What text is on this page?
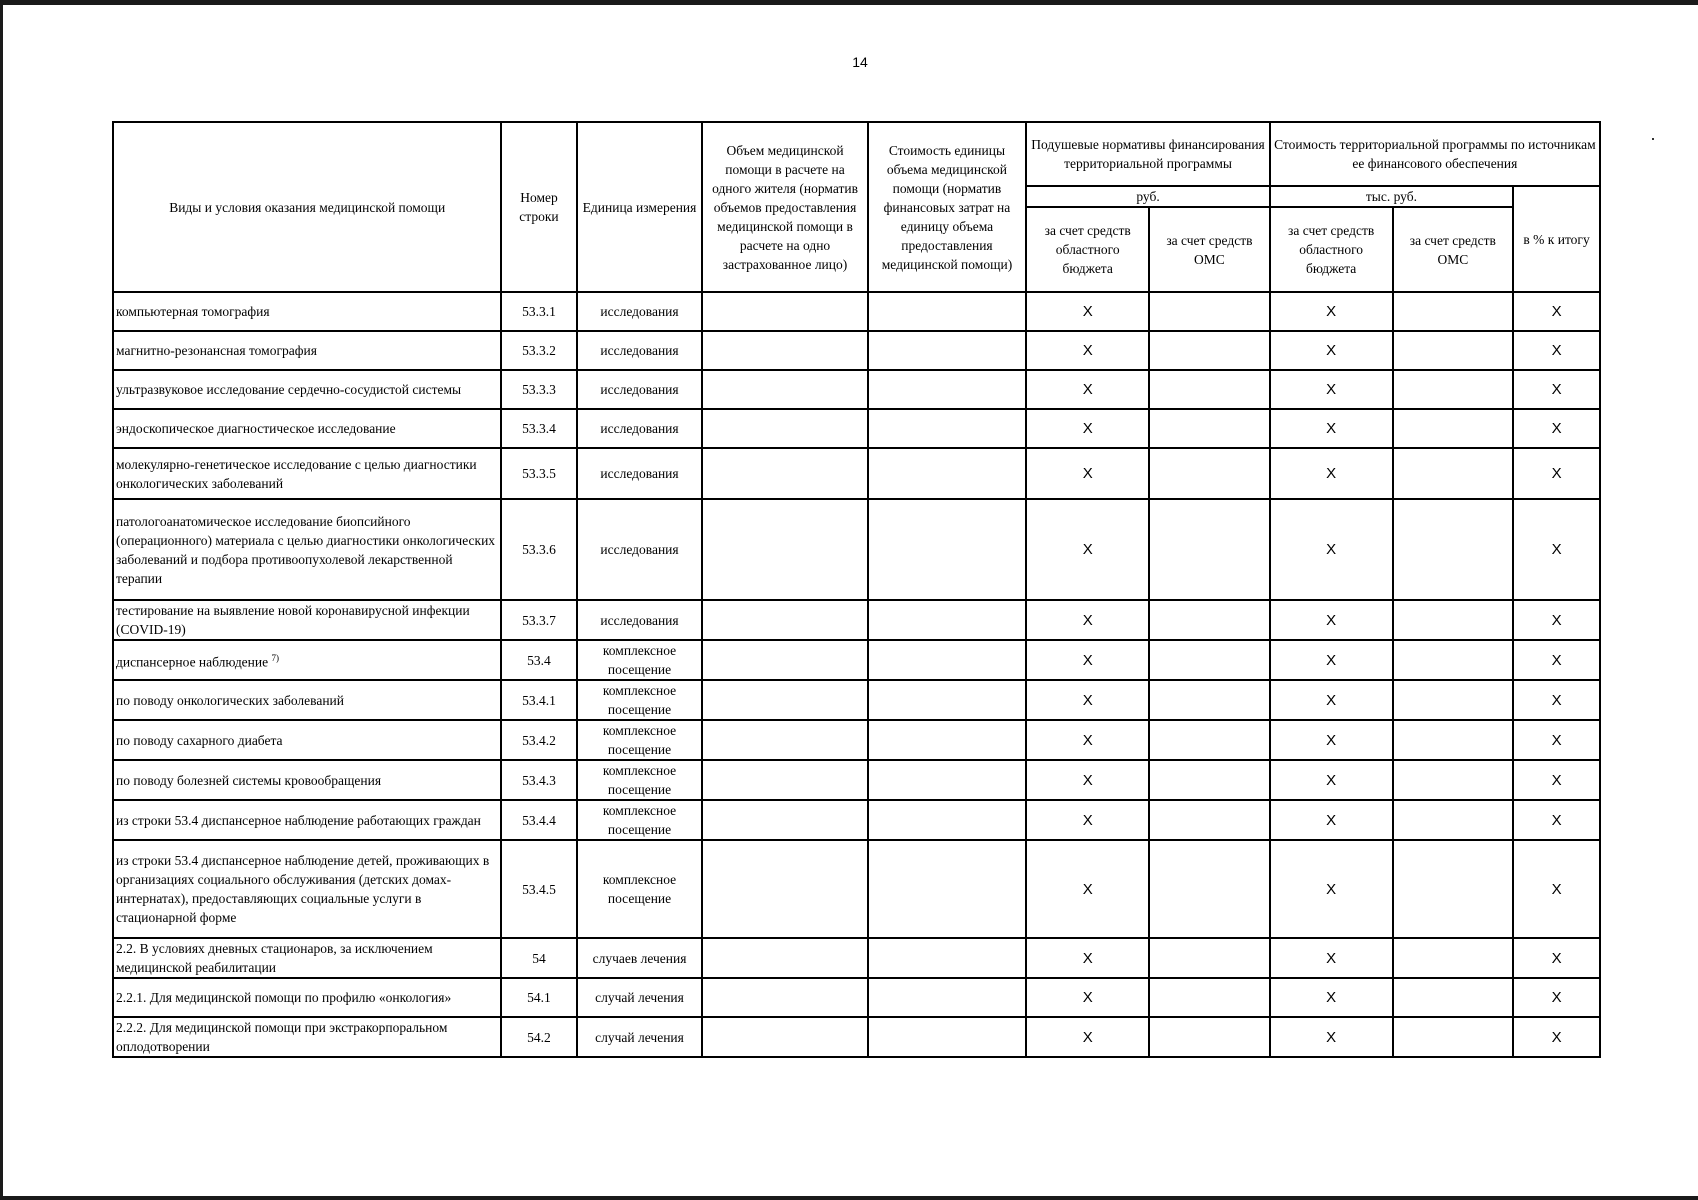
14
Виды и условия оказания медицинской помощи	Номер строки	Единица измерения	Объем медицинской помощи в расчете на одного жителя (норматив объемов предоставления медицинской помощи в расчете на одно застрахованное лицо)	Стоимость единицы объема медицинской помощи (норматив финансовых затрат на единицу объема предоставления медицинской помощи)	Подушевые нормативы финансирования территориальной программы		Стоимость территориальной программы по источникам ее финансового обеспечения		
					руб.		тыс. руб.		в % к итогу
					за счет средств областного бюджета	за счет средств ОМС	за счет средств областного бюджета	за счет средств ОМС	
компьютерная томография	53.3.1	исследования			X		X		X
магнитно-резонансная томография	53.3.2	исследования			X		X		X
ультразвуковое исследование сердечно-сосудистой системы	53.3.3	исследования			X		X		X
эндоскопическое диагностическое исследование	53.3.4	исследования			X		X		X
молекулярно-генетическое исследование с целью диагностики онкологических заболеваний	53.3.5	исследования			X		X		X
патологоанатомическое исследование биопсийного (операционного) материала с целью диагностики онкологических заболеваний и подбора противоопухолевой лекарственной терапии	53.3.6	исследования			X		X		X
тестирование на выявление новой коронавирусной инфекции (COVID-19)	53.3.7	исследования			X		X		X
диспансерное наблюдение $^{7)}$	53.4	комплексное посещение			X		X		X
по поводу онкологических заболеваний	53.4.1	комплексное посещение			X		X		X
по поводу сахарного диабета	53.4.2	комплексное посещение			X		X		X
по поводу болезней системы кровообращения	53.4.3	комплексное посещение			X		X		X
из строки 53.4 диспансерное наблюдение работающих граждан	53.4.4	комплексное посещение			X		X		X
из строки 53.4 диспансерное наблюдение детей, проживающих в организациях социального обслуживания (детских домах-интернатах), предоставляющих социальные услуги в стационарной форме	53.4.5	комплексное посещение			X		X		X
2.2. В условиях дневных стационаров, за исключением медицинской реабилитации	54	случаев лечения			X		X		X
2.2.1. Для медицинской помощи по профилю «онкология»	54.1	случай лечения			X		X		X
2.2.2. Для медицинской помощи при экстракорпоральном оплодотворении	54.2	случай лечения			X		X		X
